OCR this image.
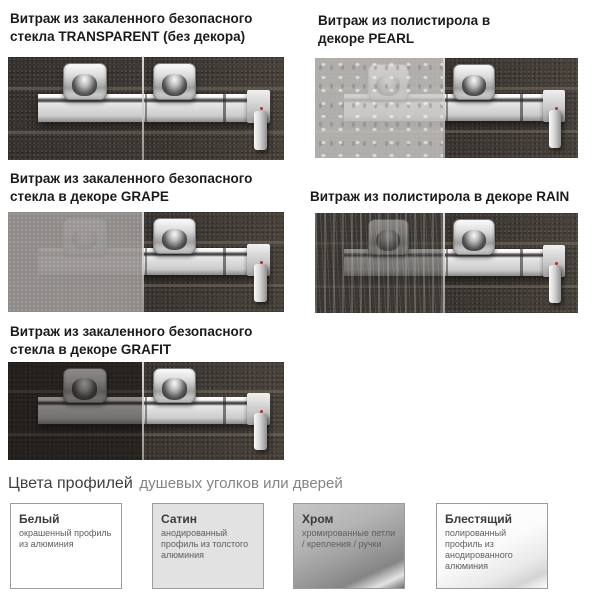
Витраж из закаленного безопасного стекла TRANSPARENT (без декора)
Витраж из полистирола в декоре PEARL
Витраж из закаленного безопасного стекла в декоре GRAPE	Витраж из полистирола в декоре RAIN
Витраж из закаленного безопасного стекла в декоре GRAFIT
Цвета профилей душевых уголков или дверей
Белый
окрашенный профиль из алюминия
Сатин
анодированный профиль из толстого алюминия
Хром
хромированные петли / крепления / ручки
Блестящий
полированный профиль из анодированного алюминия
